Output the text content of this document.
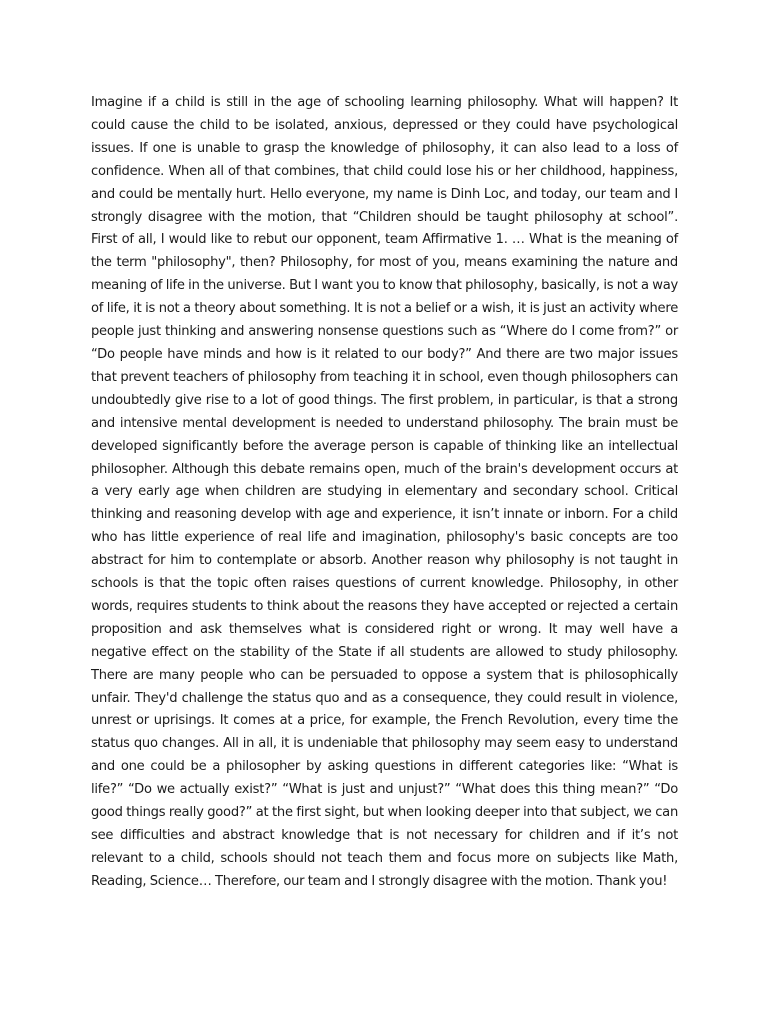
Imagine if a child is still in the age of schooling learning philosophy. What will happen? It could cause the child to be isolated, anxious, depressed or they could have psychological issues. If one is unable to grasp the knowledge of philosophy, it can also lead to a loss of confidence. When all of that combines, that child could lose his or her childhood, happiness, and could be mentally hurt. Hello everyone, my name is Dinh Loc, and today, our team and I strongly disagree with the motion, that “Children should be taught philosophy at school”. First of all, I would like to rebut our opponent, team Affirmative 1. … What is the meaning of the term "philosophy", then? Philosophy, for most of you, means examining the nature and meaning of life in the universe. But I want you to know that philosophy, basically, is not a way of life, it is not a theory about something. It is not a belief or a wish, it is just an activity where people just thinking and answering nonsense questions such as “Where do I come from?” or “Do people have minds and how is it related to our body?” And there are two major issues that prevent teachers of philosophy from teaching it in school, even though philosophers can undoubtedly give rise to a lot of good things. The first problem, in particular, is that a strong and intensive mental development is needed to understand philosophy. The brain must be developed significantly before the average person is capable of thinking like an intellectual philosopher. Although this debate remains open, much of the brain's development occurs at a very early age when children are studying in elementary and secondary school. Critical thinking and reasoning develop with age and experience, it isn’t innate or inborn. For a child who has little experience of real life and imagination, philosophy's basic concepts are too abstract for him to contemplate or absorb. Another reason why philosophy is not taught in schools is that the topic often raises questions of current knowledge. Philosophy, in other words, requires students to think about the reasons they have accepted or rejected a certain proposition and ask themselves what is considered right or wrong. It may well have a negative effect on the stability of the State if all students are allowed to study philosophy. There are many people who can be persuaded to oppose a system that is philosophically unfair. They'd challenge the status quo and as a consequence, they could result in violence, unrest or uprisings. It comes at a price, for example, the French Revolution, every time the status quo changes. All in all, it is undeniable that philosophy may seem easy to understand and one could be a philosopher by asking questions in different categories like: “What is life?” “Do we actually exist?” “What is just and unjust?” “What does this thing mean?” “Do good things really good?” at the first sight, but when looking deeper into that subject, we can see difficulties and abstract knowledge that is not necessary for children and if it’s not relevant to a child, schools should not teach them and focus more on subjects like Math, Reading, Science… Therefore, our team and I strongly disagree with the motion. Thank you!
